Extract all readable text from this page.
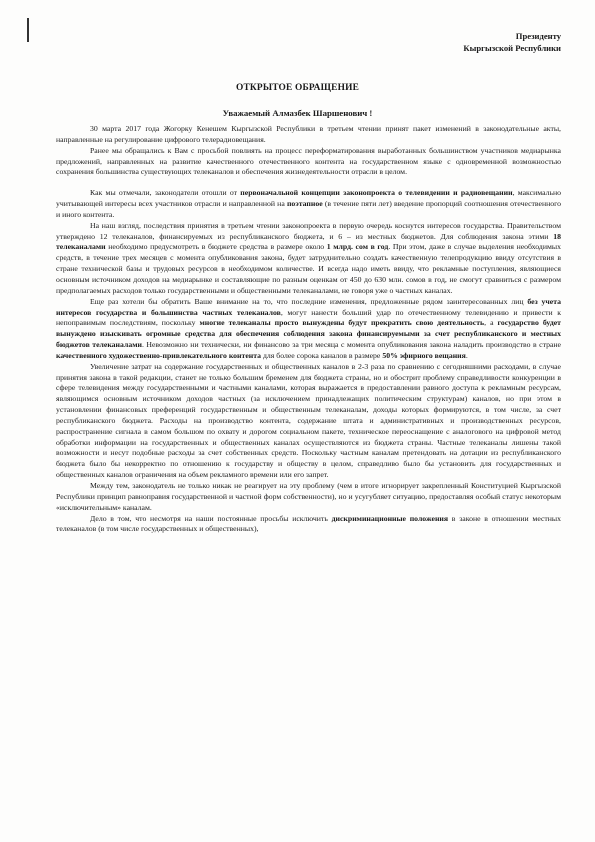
Президенту
Кыргызской Республики
ОТКРЫТОЕ ОБРАЩЕНИЕ
Уважаемый Алмазбек Шаршенович !

30 марта 2017 года Жогорку Кенешем Кыргызской Республики в третьем чтении принят пакет изменений в законодательные акты, направленные на регулирование цифрового телерадиовещания.

Ранее мы обращались к Вам с просьбой повлиять на процесс переформатирования выработанных большинством участников медиарынка предложений, направленных на развитие качественного отечественного контента на государственном языке с одновременной возможностью сохранения большинства существующих телеканалов и обеспечения жизнедеятельности отрасли в целом.

Как мы отмечали, законодатели отошли от первоначальной концепции законопроекта о телевидении и радиовещании, максимально учитывающей интересы всех участников отрасли и направленной на поэтапное (в течение пяти лет) введение пропорций соотношения отечественного и иного контента.

На наш взгляд, последствия принятия в третьем чтении законопроекта в первую очередь коснутся интересов государства. Правительством утверждено 12 телеканалов, финансируемых из республиканского бюджета, и 6 – из местных бюджетов. Для соблюдения закона этими 18 телеканалами необходимо предусмотреть в бюджете средства в размере около 1 млрд. сом в год. При этом, даже в случае выделения необходимых средств, в течение трех месяцев с момента опубликования закона, будет затруднительно создать качественную телепродукцию ввиду отсутствия в стране технической базы и трудовых ресурсов в необходимом количестве. И всегда надо иметь ввиду, что рекламные поступления, являющиеся основным источником доходов на медиарынке и составляющие по разным оценкам от 450 до 630 млн. сомов в год, не смогут сравниться с размером предполагаемых расходов только государственными и общественными телеканалами, не говоря уже о частных каналах.

Еще раз хотели бы обратить Ваше внимание на то, что последние изменения, предложенные рядом заинтересованных лиц без учета интересов государства и большинства частных телеканалов, могут нанести больший удар по отечественному телевидению и привести к непоправимым последствиям, поскольку многие телеканалы просто вынуждены будут прекратить свою деятельность, а государство будет вынуждено изыскивать огромные средства для обеспечения соблюдения закона финансируемыми за счет республиканского и местных бюджетов телеканалами. Невозможно ни технически, ни финансово за три месяца с момента опубликования закона наладить производство в стране качественного художественно-привлекательного контента для более сорока каналов в размере 50% эфирного вещания.

Увеличение затрат на содержание государственных и общественных каналов в 2-3 раза по сравнению с сегодняшними расходами, в случае принятия закона в такой редакции, станет не только большим бременем для бюджета страны, но и обострит проблему справедливости конкуренции в сфере телевидения между государственными и частными каналами, которая выражается в предоставлении равного доступа к рекламным ресурсам, являющимся основным источником доходов частных (за исключением принадлежащих политическим структурам) каналов, но при этом в установлении финансовых преференций государственным и общественным телеканалам, доходы которых формируются, в том числе, за счет республиканского бюджета. Расходы на производство контента, содержание штата и административных и производственных ресурсов, распространение сигнала в самом большом по охвату и дорогом социальном пакете, техническое переоснащение с аналогового на цифровой метод обработки информации на государственных и общественных каналах осуществляются из бюджета страны. Частные телеканалы лишены такой возможности и несут подобные расходы за счет собственных средств. Поскольку частным каналам претендовать на дотации из республиканского бюджета было бы некорректно по отношению к государству и обществу в целом, справедливо было бы установить для государственных и общественных каналов ограничения на объем рекламного времени или его запрет.

Между тем, законодатель не только никак не реагирует на эту проблему (чем в итоге игнорирует закрепленный Конституцией Кыргызской Республики принцип равноправия государственной и частной форм собственности), но и усугубляет ситуацию, предоставляя особый статус некоторым «исключительным» каналам.

Дело в том, что несмотря на наши постоянные просьбы исключить дискриминационные положения в законе в отношении местных телеканалов (в том числе государственных и общественных),
